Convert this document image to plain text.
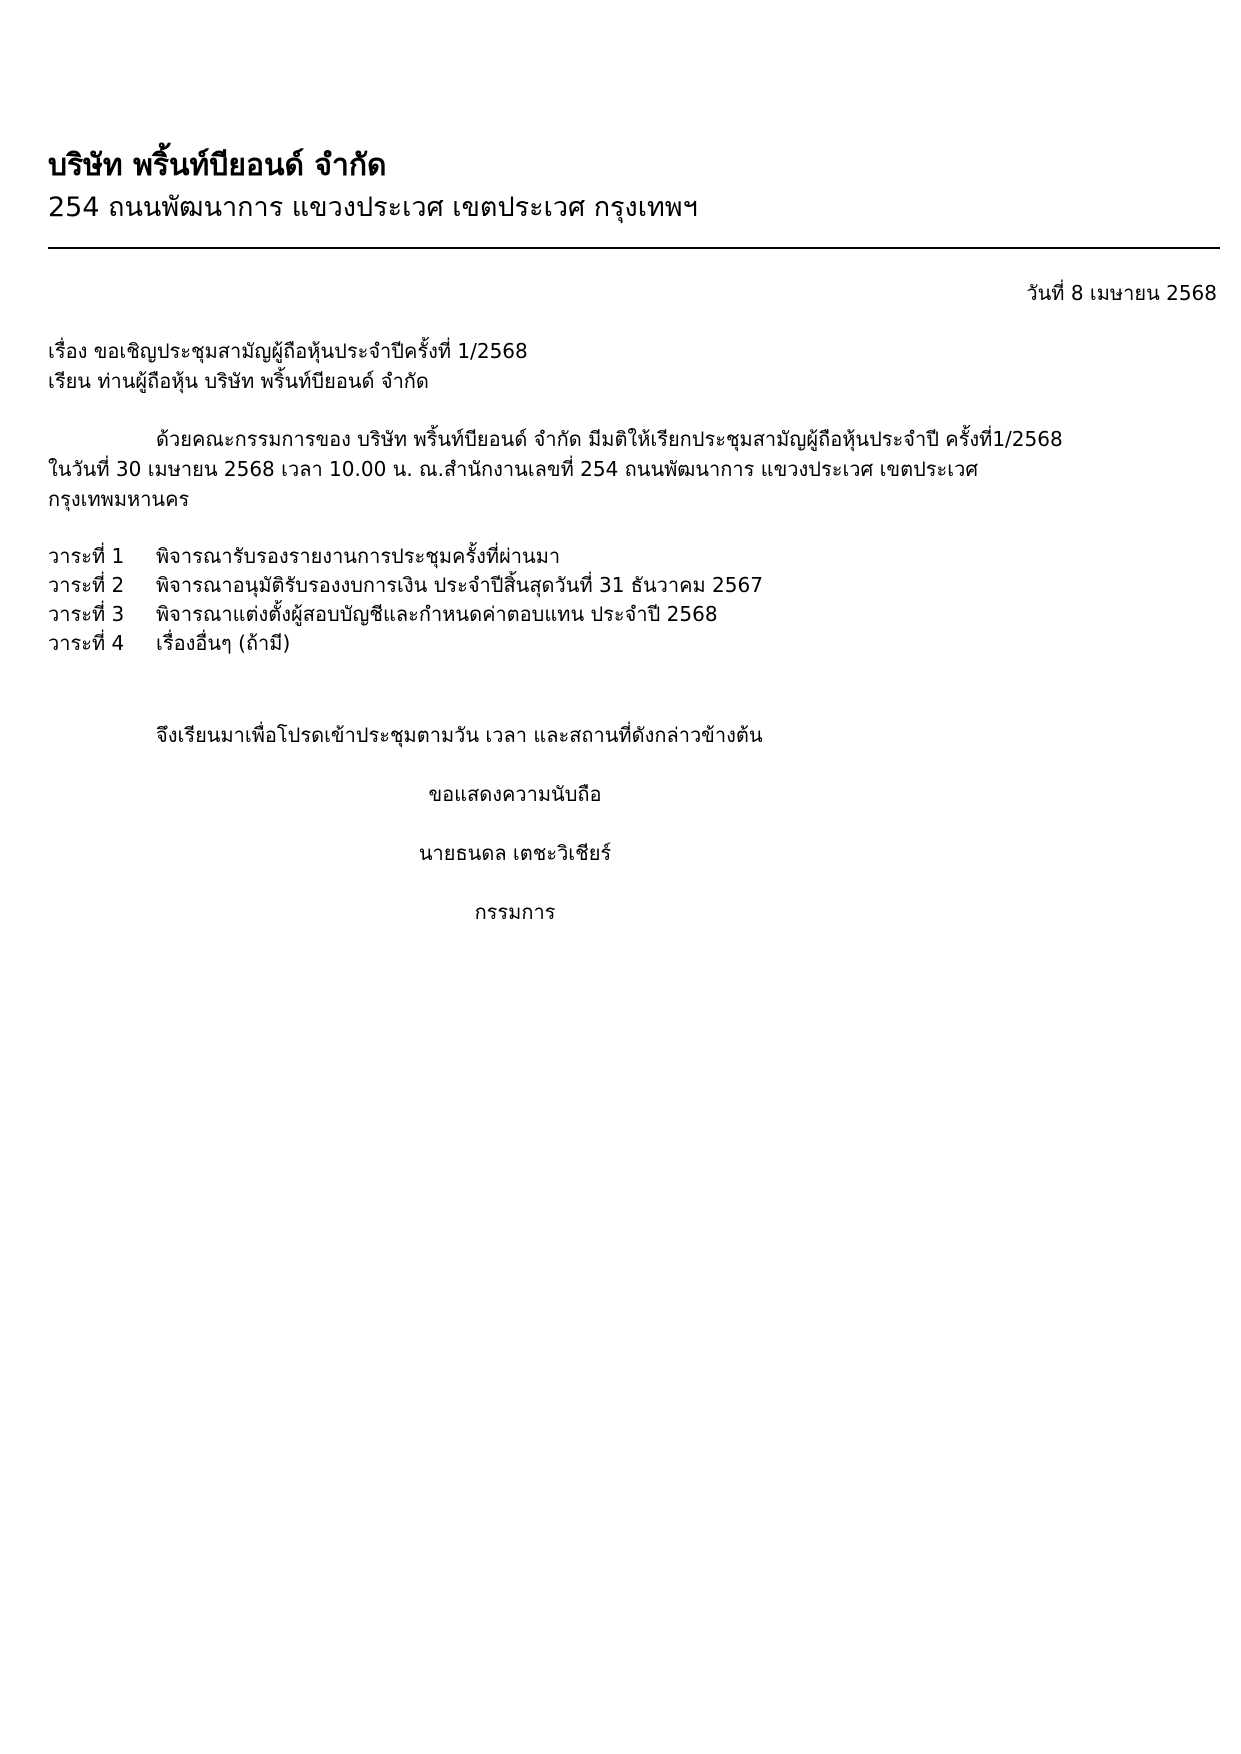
บริษัท พริ้นท์บียอนด์ จำกัด
254 ถนนพัฒนาการ แขวงประเวศ เขตประเวศ กรุงเทพฯ
วันที่ 8 เมษายน 2568
เรื่อง ขอเชิญประชุมสามัญผู้ถือหุ้นประจำปีครั้งที่ 1/2568
เรียน ท่านผู้ถือหุ้น บริษัท พริ้นท์บียอนด์ จำกัด
ด้วยคณะกรรมการของ บริษัท พริ้นท์บียอนด์ จำกัด มีมติให้เรียกประชุมสามัญผู้ถือหุ้นประจำปี ครั้งที่1/2568
ในวันที่ 30 เมษายน 2568 เวลา 10.00 น. ณ.สำนักงานเลขที่ 254 ถนนพัฒนาการ แขวงประเวศ เขตประเวศ
กรุงเทพมหานคร
วาระที่ 1 พิจารณารับรองรายงานการประชุมครั้งที่ผ่านมา
วาระที่ 2 พิจารณาอนุมัติรับรองงบการเงิน ประจำปีสิ้นสุดวันที่ 31 ธันวาคม 2567
วาระที่ 3 พิจารณาแต่งตั้งผู้สอบบัญชีและกำหนดค่าตอบแทน ประจำปี 2568
วาระที่ 4 เรื่องอื่นๆ (ถ้ามี)
จึงเรียนมาเพื่อโปรดเข้าประชุมตามวัน เวลา และสถานที่ดังกล่าวข้างต้น
ขอแสดงความนับถือ
นายธนดล เตชะวิเชียร์
กรรมการ
